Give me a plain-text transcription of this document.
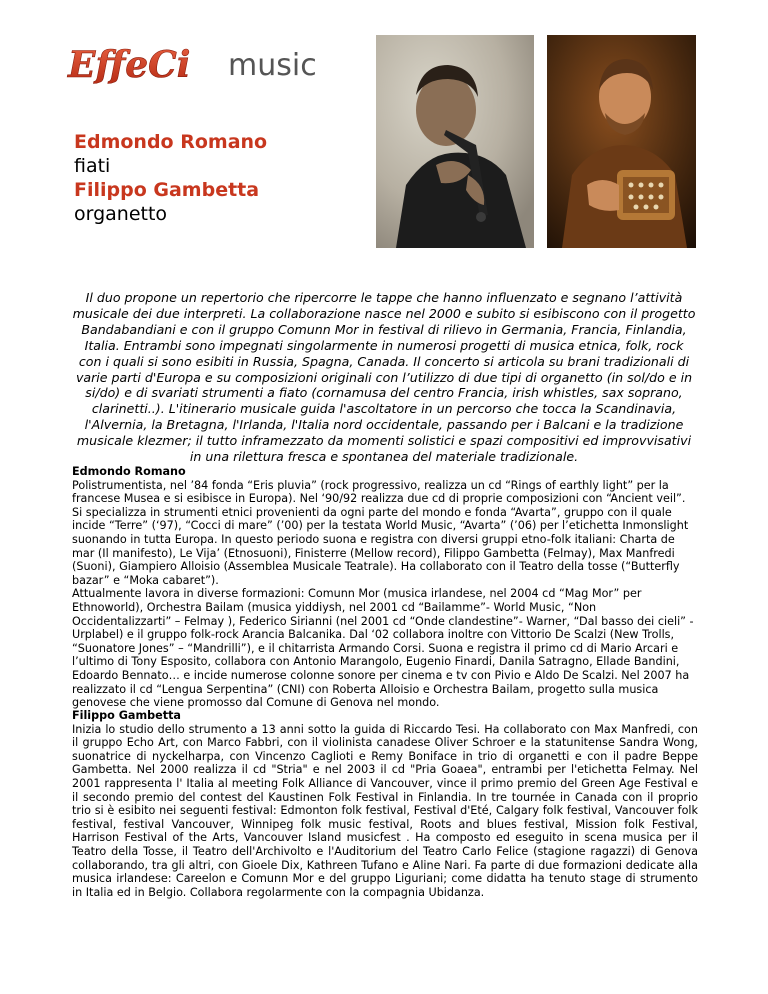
EffeCi music
Edmondo Romano
fiati
Filippo Gambetta
organetto

Il duo propone un repertorio che ripercorre le tappe che hanno influenzato e segnano l’attività musicale dei due interpreti. La collaborazione nasce nel 2000 e subito si esibiscono con il progetto Bandabandiani e con il gruppo Comunn Mor in festival di rilievo in Germania, Francia, Finlandia, Italia. Entrambi sono impegnati singolarmente in numerosi progetti di musica etnica, folk, rock con i quali si sono esibiti in Russia, Spagna, Canada. Il concerto si articola su brani tradizionali di varie parti d'Europa e su composizioni originali con l’utilizzo di due tipi di organetto (in sol/do e in si/do) e di svariati strumenti a fiato (cornamusa del centro Francia, irish whistles, sax soprano, clarinetti..). L'itinerario musicale guida l'ascoltatore in un percorso che tocca la Scandinavia, l'Alvernia, la Bretagna, l'Irlanda, l'Italia nord occidentale, passando per i Balcani e la tradizione musicale klezmer; il tutto inframezzato da momenti solistici e spazi compositivi ed improvvisativi in una rilettura fresca e spontanea del materiale tradizionale.

Edmondo Romano

Polistrumentista, nel ’84 fonda “Eris pluvia” (rock progressivo, realizza un cd “Rings of earthly light” per la francese Musea e si esibisce in Europa). Nel ‘90/92 realizza due cd di proprie composizioni con “Ancient veil”. Si specializza in strumenti etnici provenienti da ogni parte del mondo e fonda “Avarta”, gruppo con il quale incide “Terre” (‘97), “Cocci di mare” (’00) per la testata World Music, “Avarta” (’06) per l’etichetta Inmonslight suonando in tutta Europa. In questo periodo suona e registra con diversi gruppi etno-folk italiani: Charta de mar (Il manifesto), Le Vija’ (Etnosuoni), Finisterre (Mellow record), Filippo Gambetta (Felmay), Max Manfredi (Suoni), Giampiero Alloisio (Assemblea Musicale Teatrale). Ha collaborato con il Teatro della tosse (“Butterfly bazar” e “Moka cabaret”).

Attualmente lavora in diverse formazioni: Comunn Mor (musica irlandese, nel 2004 cd “Mag Mor” per Ethnoworld), Orchestra Bailam (musica yiddiysh, nel 2001 cd “Bailamme”- World Music, “Non Occidentalizzarti” – Felmay ), Federico Sirianni (nel 2001 cd “Onde clandestine”- Warner, “Dal basso dei cieli” - Urplabel) e il gruppo folk-rock Arancia Balcanika. Dal ‘02 collabora inoltre con Vittorio De Scalzi (New Trolls, “Suonatore Jones” – “Mandrilli”), e il chitarrista Armando Corsi. Suona e registra il primo cd di Mario Arcari e l’ultimo di Tony Esposito, collabora con Antonio Marangolo, Eugenio Finardi, Danila Satragno, Ellade Bandini, Edoardo Bennato… e incide numerose colonne sonore per cinema e tv con Pivio e Aldo De Scalzi. Nel 2007 ha realizzato il cd “Lengua Serpentina” (CNI) con Roberta Alloisio e Orchestra Bailam, progetto sulla musica genovese che viene promosso dal Comune di Genova nel mondo.

Filippo Gambetta

Inizia lo studio dello strumento a 13 anni sotto la guida di Riccardo Tesi. Ha collaborato con Max Manfredi, con il gruppo Echo Art, con Marco Fabbri, con il violinista canadese Oliver Schroer e la statunitense Sandra Wong, suonatrice di nyckelharpa, con Vincenzo Caglioti e Remy Boniface in trio di organetti e con il padre Beppe Gambetta. Nel 2000 realizza il cd "Stria" e nel 2003 il cd "Pria Goaea", entrambi per l'etichetta Felmay. Nel 2001 rappresenta l' Italia al meeting Folk Alliance di Vancouver, vince il primo premio del Green Age Festival e il secondo premio del contest del Kaustinen Folk Festival in Finlandia. In tre tournée in Canada con il proprio trio si è esibito nei seguenti festival: Edmonton folk festival, Festival d'Eté, Calgary folk festival, Vancouver folk festival, festival Vancouver, Winnipeg folk music festival, Roots and blues festival, Mission folk Festival, Harrison Festival of the Arts, Vancouver Island musicfest . Ha composto ed eseguito in scena musica per il Teatro della Tosse, il Teatro dell'Archivolto e l'Auditorium del Teatro Carlo Felice (stagione ragazzi) di Genova collaborando, tra gli altri, con Gioele Dix, Kathreen Tufano e Aline Nari. Fa parte di due formazioni dedicate alla musica irlandese: Careelon e Comunn Mor e del gruppo Liguriani; come didatta ha tenuto stage di strumento in Italia ed in Belgio. Collabora regolarmente con la compagnia Ubidanza.
